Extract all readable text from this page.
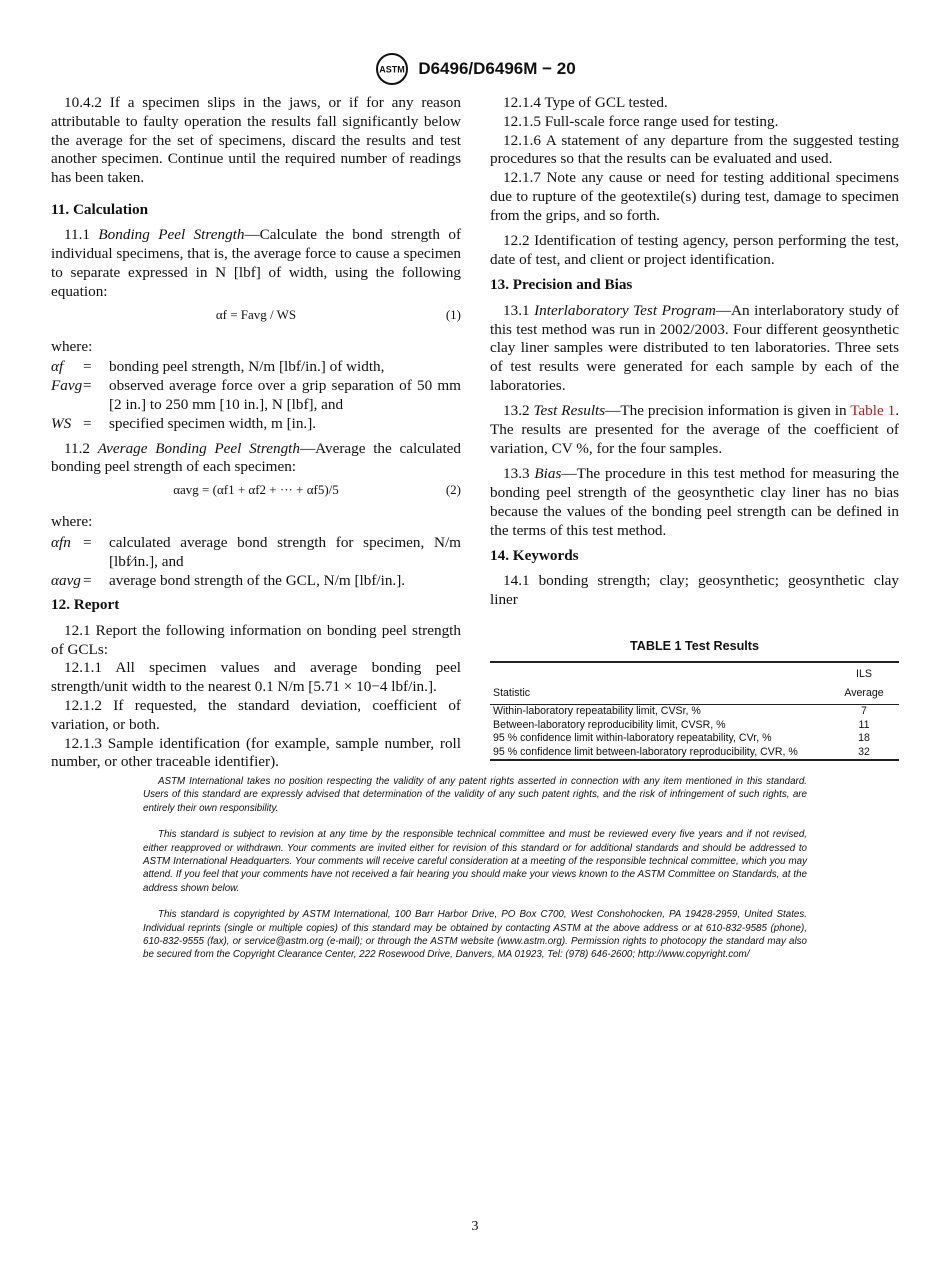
ASTM D6496/D6496M − 20

10.4.2 If a specimen slips in the jaws, or if for any reason attributable to faulty operation the results fall significantly below the average for the set of specimens, discard the results and test another specimen. Continue until the required number of readings has been taken.

11. Calculation

11.1 Bonding Peel Strength—Calculate the bond strength of individual specimens, that is, the average force to cause a specimen to separate expressed in N [lbf] of width, using the following equation:

αf = Favg / WS	(1)
where:
αf	=	bonding peel strength, N/m [lbf/in.] of width,
Favg =	observed average force over a grip separation of 50 mm [2 in.] to 250 mm [10 in.], N [lbf], and
WS =	specified specimen width, m [in.].

11.2 Average Bonding Peel Strength—Average the calculated bonding peel strength of each specimen:

αavg = (αf1 + αf2 + ··· + αf5)/5	(2)
where:
αfn =	calculated average bond strength for specimen, N/m [lbf⁄in.], and
αavg =	average bond strength of the GCL, N/m [lbf/in.].
12. Report

12.1 Report the following information on bonding peel strength of GCLs:

12.1.1 All specimen values and average bonding peel strength/unit width to the nearest 0.1 N/m [5.71 × 10−4 lbf/in.].

12.1.2 If requested, the standard deviation, coefficient of variation, or both.

12.1.3 Sample identification (for example, sample number, roll number, or other traceable identifier).

12.1.4 Type of GCL tested.

12.1.5 Full-scale force range used for testing.

12.1.6 A statement of any departure from the suggested testing procedures so that the results can be evaluated and used.

12.1.7 Note any cause or need for testing additional specimens due to rupture of the geotextile(s) during test, damage to specimen from the grips, and so forth.

12.2 Identification of testing agency, person performing the test, date of test, and client or project identification.

13. Precision and Bias

13.1 Interlaboratory Test Program—An interlaboratory study of this test method was run in 2002/2003. Four different geosynthetic clay liner samples were distributed to ten laboratories. Three sets of test results were generated for each sample by each of the laboratories.

13.2 Test Results—The precision information is given in Table 1. The results are presented for the average of the coefficient of variation, CV %, for the four samples.

13.3 Bias—The procedure in this test method for measuring the bonding peel strength of the geosynthetic clay liner has no bias because the values of the bonding peel strength can be defined in the terms of this test method.

14. Keywords

14.1 bonding strength; clay; geosynthetic; geosynthetic clay liner

TABLE 1 Test Results
Statistic	ILS
Average
Within-laboratory repeatability limit, CVSr, %	7
Between-laboratory reproducibility limit, CVSR, %	11
95 % confidence limit within-laboratory repeatability, CVr, %	18
95 % confidence limit between-laboratory reproducibility, CVR, %	32

ASTM International takes no position respecting the validity of any patent rights asserted in connection with any item mentioned in this standard. Users of this standard are expressly advised that determination of the validity of any such patent rights, and the risk of infringement of such rights, are entirely their own responsibility.

This standard is subject to revision at any time by the responsible technical committee and must be reviewed every five years and if not revised, either reapproved or withdrawn. Your comments are invited either for revision of this standard or for additional standards and should be addressed to ASTM International Headquarters. Your comments will receive careful consideration at a meeting of the responsible technical committee, which you may attend. If you feel that your comments have not received a fair hearing you should make your views known to the ASTM Committee on Standards, at the address shown below.

This standard is copyrighted by ASTM International, 100 Barr Harbor Drive, PO Box C700, West Conshohocken, PA 19428-2959, United States. Individual reprints (single or multiple copies) of this standard may be obtained by contacting ASTM at the above address or at 610-832-9585 (phone), 610-832-9555 (fax), or service@astm.org (e-mail); or through the ASTM website (www.astm.org). Permission rights to photocopy the standard may also be secured from the Copyright Clearance Center, 222 Rosewood Drive, Danvers, MA 01923, Tel: (978) 646-2600; http://www.copyright.com/

3
